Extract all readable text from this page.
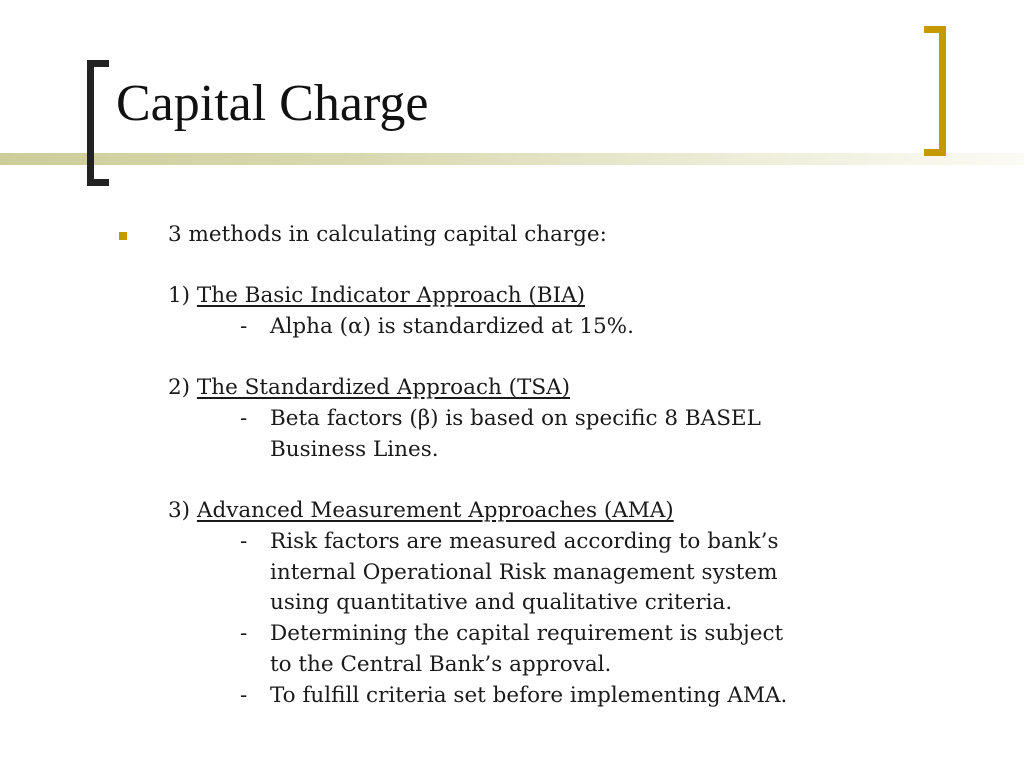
Capital Charge
3 methods in calculating capital charge:
1) The Basic Indicator Approach (BIA)
- Alpha (α) is standardized at 15%.
2) The Standardized Approach (TSA)
- Beta factors (β) is based on specific 8 BASEL
Business Lines.
3) Advanced Measurement Approaches (AMA)
- Risk factors are measured according to bank’s
internal Operational Risk management system
using quantitative and qualitative criteria.
- Determining the capital requirement is subject
to the Central Bank’s approval.
- To fulfill criteria set before implementing AMA.
